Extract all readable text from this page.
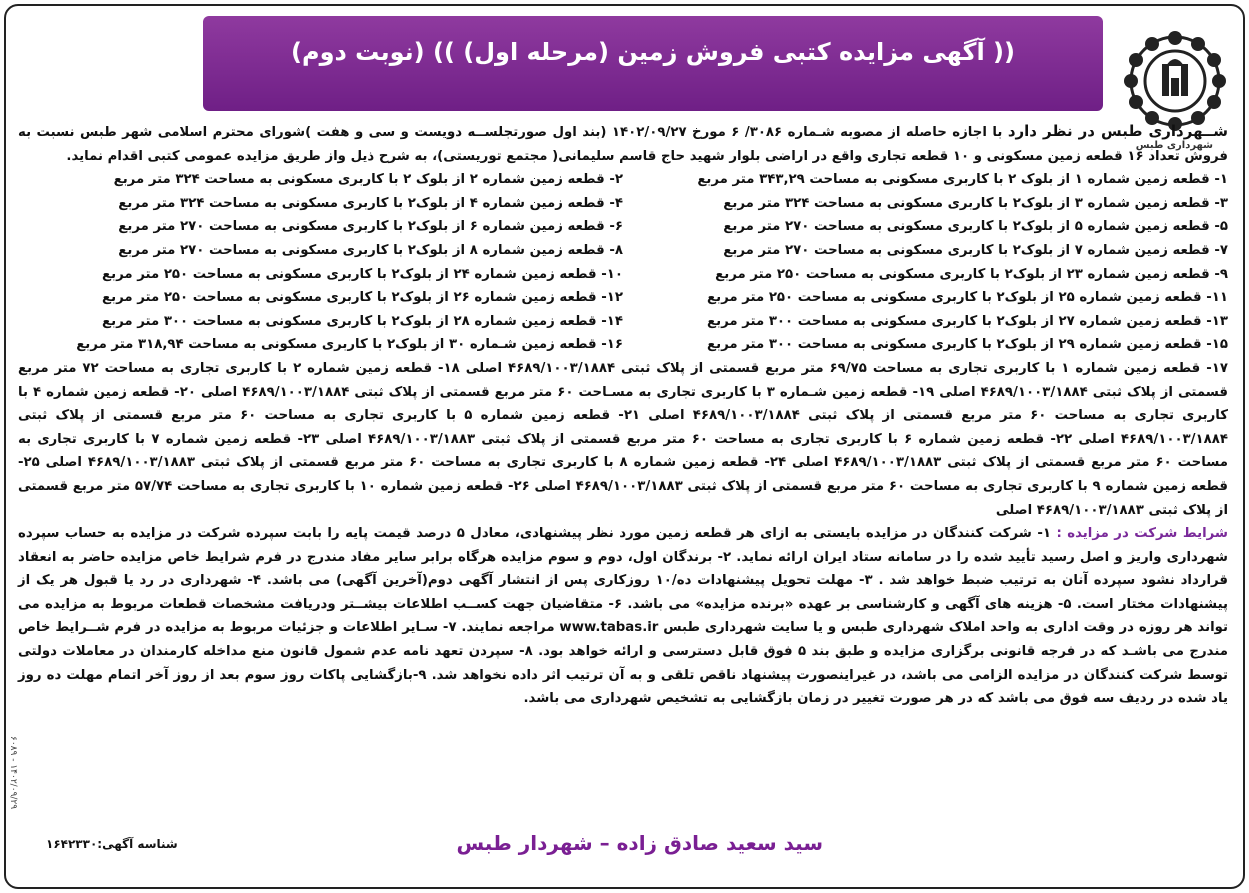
شهرداری طبس
(( آگهی مزایده کتبی فروش زمین (مرحله اول) )) (نوبت دوم)

شــهرداری طبس در نظر دارد با اجازه حاصله از مصوبه شـماره ۳۰۸۶/ ۶ مورخ ۱۴۰۲/۰۹/۲۷ (بند اول صورتجلســه دویست و سی و هفت )شورای محترم اسلامی شهر طبس نسبت به فروش تعداد ۱۶ قطعه زمین مسکونی و ۱۰ قطعه تجاری واقع در اراضی بلوار شهید حاج قاسم سلیمانی( مجتمع توریستی)، به شرح ذیل واز طریق مزایده عمومی کتبی اقدام نماید.

۱- قطعه زمین شماره ۱ از بلوک ۲ با کاربری مسکونی به مساحت ۳۴۳,۲۹ متر مربع
۳- قطعه زمین شماره ۳ از بلوک۲ با کاربری مسکونی به مساحت ۳۲۴ متر مربع
۵- قطعه زمین شماره ۵ از بلوک۲ با کاربری مسکونی به مساحت ۲۷۰ متر مربع
۷- قطعه زمین شماره ۷ از بلوک۲ با کاربری مسکونی به مساحت ۲۷۰ متر مربع
۹- قطعه زمین شماره ۲۳ از بلوک۲ با کاربری مسکونی به مساحت ۲۵۰ متر مربع
۱۱- قطعه زمین شماره ۲۵ از بلوک۲ با کاربری مسکونی به مساحت ۲۵۰ متر مربع
۱۳- قطعه زمین شماره ۲۷ از بلوک۲ با کاربری مسکونی به مساحت ۳۰۰ متر مربع
۱۵- قطعه زمین شماره ۲۹ از بلوک۲ با کاربری مسکونی به مساحت ۳۰۰ متر مربع
۲- قطعه زمین شماره ۲ از بلوک ۲ با کاربری مسکونی به مساحت ۳۲۴ متر مربع
۴- قطعه زمین شماره ۴ از بلوک۲ با کاربری مسکونی به مساحت ۳۲۴ متر مربع
۶- قطعه زمین شماره ۶ از بلوک۲ با کاربری مسکونی به مساحت ۲۷۰ متر مربع
۸- قطعه زمین شماره ۸ از بلوک۲ با کاربری مسکونی به مساحت ۲۷۰ متر مربع
۱۰- قطعه زمین شماره ۲۴ از بلوک۲ با کاربری مسکونی به مساحت ۲۵۰ متر مربع
۱۲- قطعه زمین شماره ۲۶ از بلوک۲ با کاربری مسکونی به مساحت ۲۵۰ متر مربع
۱۴- قطعه زمین شماره ۲۸ از بلوک۲ با کاربری مسکونی به مساحت ۳۰۰ متر مربع
۱۶- قطعه زمین شـماره ۳۰ از بلوک۲ با کاربری مسکونی به مساحت ۳۱۸,۹۴ متر مربع

۱۷- قطعه زمین شماره ۱ با کاربری تجاری به مساحت ۶۹/۷۵ متر مربع قسمتی از پلاک ثبتی ۴۶۸۹/۱۰۰۳/۱۸۸۴ اصلی ۱۸- قطعه زمین شماره ۲ با کاربری تجاری به مساحت ۷۲ متر مربع قسمتی از پلاک ثبتی ۴۶۸۹/۱۰۰۳/۱۸۸۴ اصلی ۱۹- قطعه زمین شـماره ۳ با کاربری تجاری به مسـاحت ۶۰ متر مربع قسمتی از پلاک ثبتی ۴۶۸۹/۱۰۰۳/۱۸۸۴ اصلی ۲۰- قطعه زمین شماره ۴ با کاربری تجاری به مساحت ۶۰ متر مربع قسمتی از پلاک ثبتی ۴۶۸۹/۱۰۰۳/۱۸۸۴ اصلی ۲۱- قطعه زمین شماره ۵ با کاربری تجاری به مساحت ۶۰ متر مربع قسمتی از پلاک ثبتی ۴۶۸۹/۱۰۰۳/۱۸۸۴ اصلی ۲۲- قطعه زمین شماره ۶ با کاربری تجاری به مساحت ۶۰ متر مربع قسمتی از پلاک ثبتی ۴۶۸۹/۱۰۰۳/۱۸۸۳ اصلی ۲۳- قطعه زمین شماره ۷ با کاربری تجاری به مساحت ۶۰ متر مربع قسمتی از پلاک ثبتی ۴۶۸۹/۱۰۰۳/۱۸۸۳ اصلی ۲۴- قطعه زمین شماره ۸ با کاربری تجاری به مساحت ۶۰ متر مربع قسمتی از پلاک ثبتی ۴۶۸۹/۱۰۰۳/۱۸۸۳ اصلی ۲۵- قطعه زمین شماره ۹ با کاربری تجاری به مساحت ۶۰ متر مربع قسمتی از پلاک ثبتی ۴۶۸۹/۱۰۰۳/۱۸۸۳ اصلی ۲۶- قطعه زمین شماره ۱۰ با کاربری تجاری به مساحت ۵۷/۷۴ متر مربع قسمتی از پلاک ثبتی ۴۶۸۹/۱۰۰۳/۱۸۸۳ اصلی

شرایط شرکت در مزایده : ۱- شرکت کنندگان در مزایده بایستی به ازای هر قطعه زمین مورد نظر پیشنهادی، معادل ۵ درصد قیمت پایه را بابت سپرده شرکت در مزایده به حساب سپرده شهرداری واریز و اصل رسید تأیید شده را در سامانه ستاد ایران ارائه نماید. ۲- برندگان اول، دوم و سوم مزایده هرگاه برابر سایر مفاد مندرج در فرم شرایط خاص مزایده حاضر به انعقاد قرارداد نشود سپرده آنان به ترتیب ضبط خواهد شد . ۳- مهلت تحویل پیشنهادات ده/۱۰ روزکاری پس از انتشار آگهی دوم(آخرین آگهی) می باشد. ۴- شهرداری در رد یا قبول هر یک از پیشنهادات مختار است. ۵- هزینه های آگهی و کارشناسی بر عهده «برنده مزایده» می باشد. ۶- متقاضیان جهت کســب اطلاعات بیشــتر ودریافت مشخصات قطعات مربوط به مزایده می تواند هر روزه در وقت اداری به واحد املاک شهرداری طبس و یا سایت شهرداری طبس www.tabas.ir مراجعه نمایند. ۷- سـایر اطلاعات و جزئیات مربوط به مزایده در فرم شــرایط خاص مندرج می باشـد که در فرجه قانونی برگزاری مزایده و طبق بند ۵ فوق قابل دسترسی و ارائه خواهد بود. ۸- سپردن تعهد نامه عدم شمول قانون منع مداخله کارمندان در معاملات دولتی توسط شرکت کنندگان در مزایده الزامی می باشد، در غیراینصورت پیشنهاد ناقص تلقی و به آن ترتیب اثر داده نخواهد شد. ۹-بازگشایی پاکات روز سوم بعد از روز آخر اتمام مهلت ده روز یاد شده در ردیف سه فوق می باشد که در هر صورت تغییر در زمان بازگشایی به تشخیص شهرداری می باشد.

سید سعید صادق زاده – شهردار طبس
شناسه آگهی:۱۶۴۲۳۳۰
۱۴۰۲/۰۹/۲۹ - ۶۰۸۹
